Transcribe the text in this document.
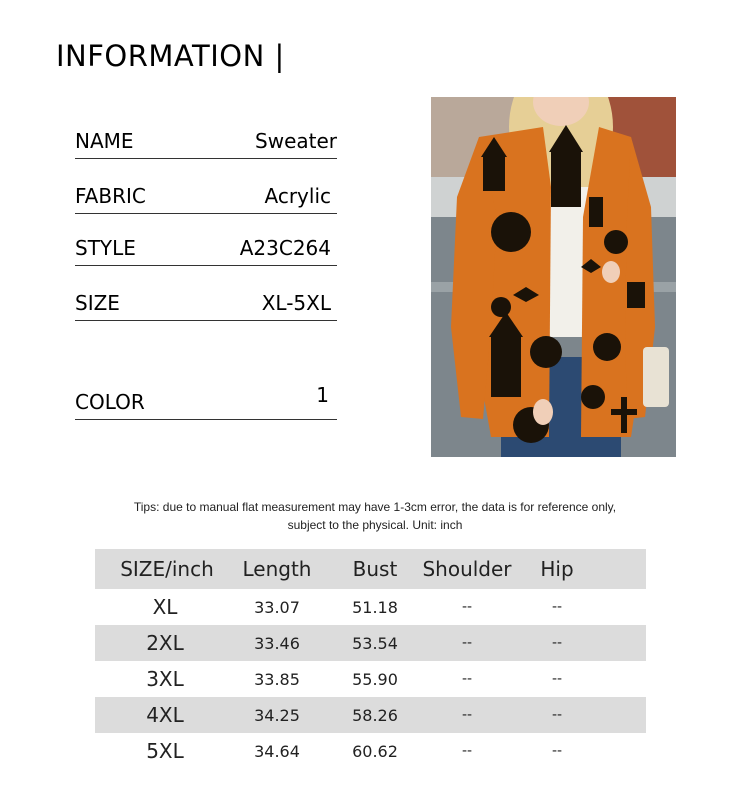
INFORMATION |
NAME	Sweater
FABRIC	Acrylic
STYLE	A23C264
SIZE	XL-5XL
COLOR	1
Tips: due to manual flat measurement may have 1-3cm error, the data is for reference only,
subject to the physical. Unit: inch
SIZE/inch	Length	Bust	Shoulder	Hip
XL	33.07	51.18	--	--
2XL	33.46	53.54	--	--
3XL	33.85	55.90	--	--
4XL	34.25	58.26	--	--
5XL	34.64	60.62	--	--
